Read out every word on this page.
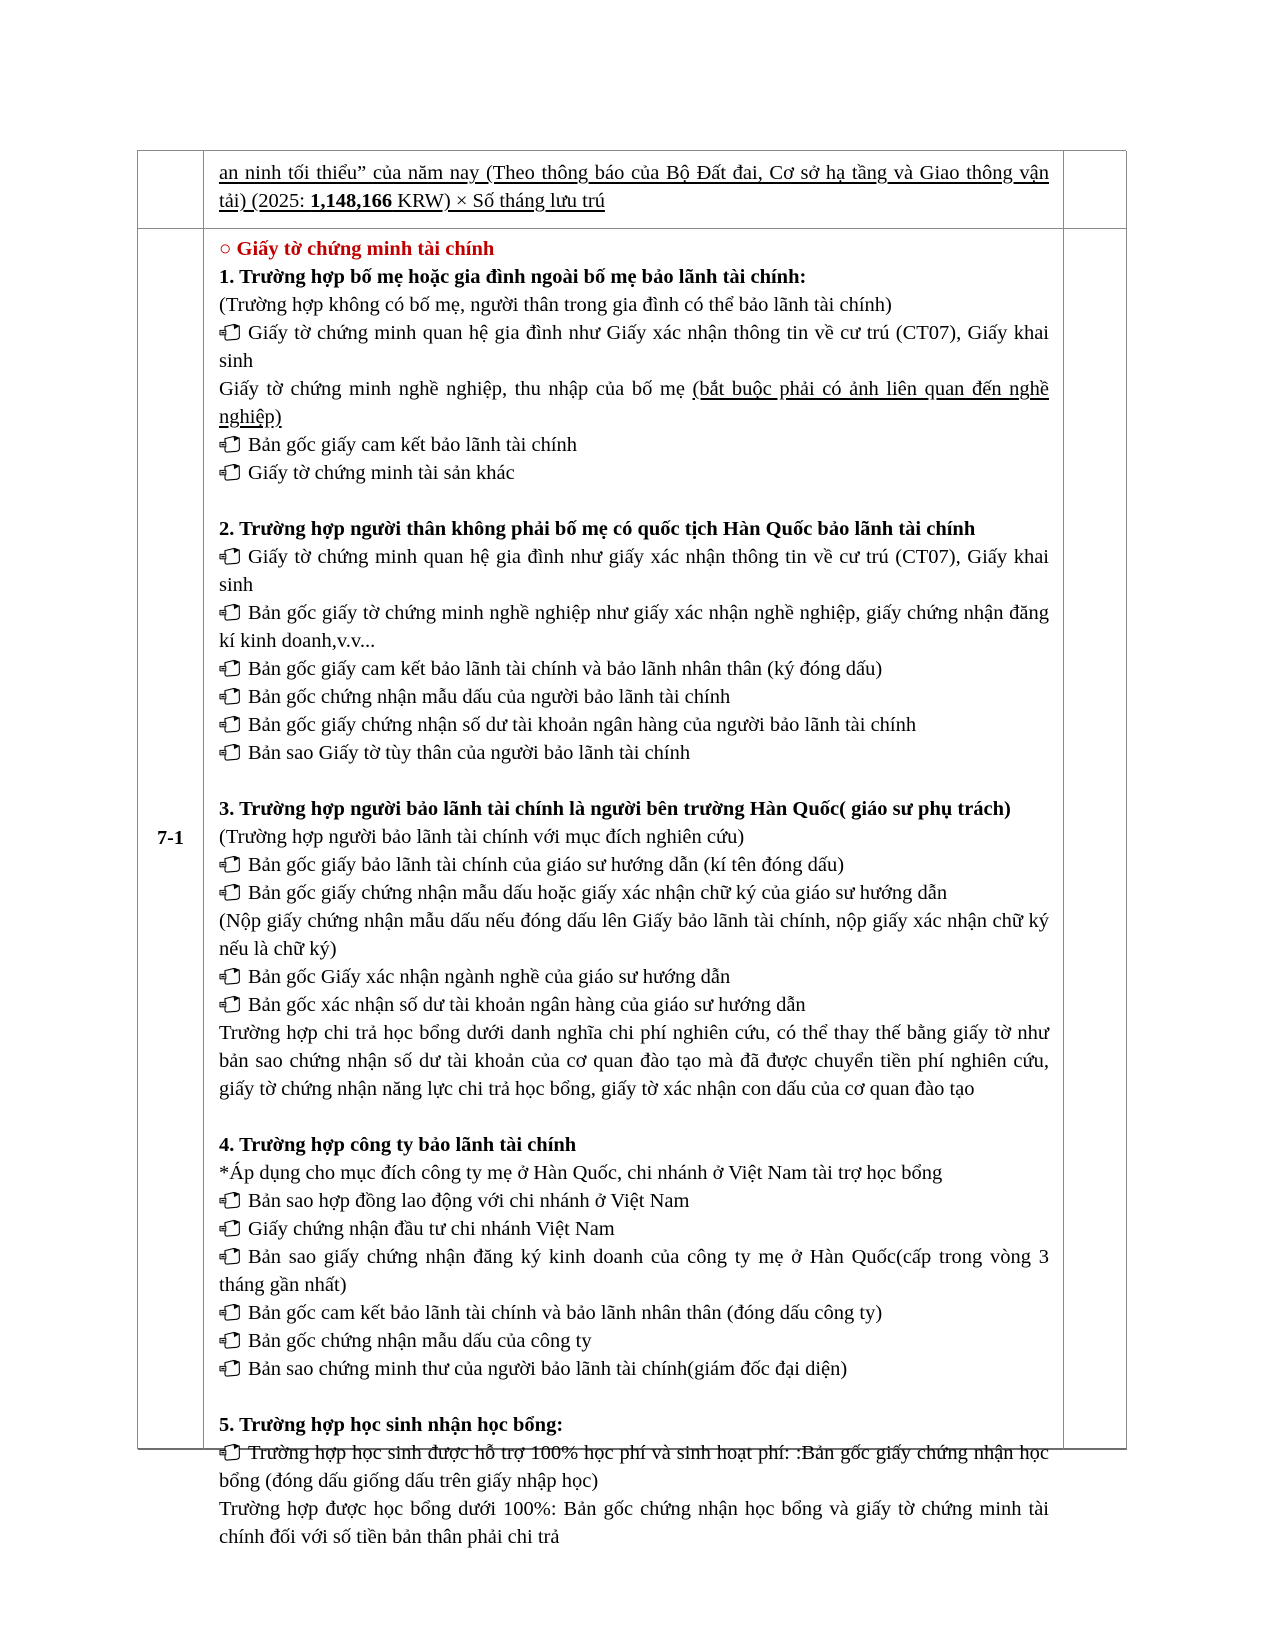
an ninh tối thiểu” của năm nay (Theo thông báo của Bộ Đất đai, Cơ sở hạ tầng và Giao thông vận tải) (2025: 1,148,166 KRW) × Số tháng lưu trú

7-1

○ Giấy tờ chứng minh tài chính

1. Trường hợp bố mẹ hoặc gia đình ngoài bố mẹ bảo lãnh tài chính:

(Trường hợp không có bố mẹ, người thân trong gia đình có thể bảo lãnh tài chính)

Giấy tờ chứng minh quan hệ gia đình như Giấy xác nhận thông tin về cư trú (CT07), Giấy khai sinh

Giấy tờ chứng minh nghề nghiệp, thu nhập của bố mẹ (bắt buộc phải có ảnh liên quan đến nghề nghiệp)

Bản gốc giấy cam kết bảo lãnh tài chính

Giấy tờ chứng minh tài sản khác

2. Trường hợp người thân không phải bố mẹ có quốc tịch Hàn Quốc bảo lãnh tài chính

Giấy tờ chứng minh quan hệ gia đình như giấy xác nhận thông tin về cư trú (CT07), Giấy khai sinh

Bản gốc giấy tờ chứng minh nghề nghiệp như giấy xác nhận nghề nghiệp, giấy chứng nhận đăng kí kinh doanh,v.v...

Bản gốc giấy cam kết bảo lãnh tài chính và bảo lãnh nhân thân (ký đóng dấu)

Bản gốc chứng nhận mẫu dấu của người bảo lãnh tài chính

Bản gốc giấy chứng nhận số dư tài khoản ngân hàng của người bảo lãnh tài chính

Bản sao Giấy tờ tùy thân của người bảo lãnh tài chính

3. Trường hợp người bảo lãnh tài chính là người bên trường Hàn Quốc( giáo sư phụ trách)

(Trường hợp người bảo lãnh tài chính với mục đích nghiên cứu)

Bản gốc giấy bảo lãnh tài chính của giáo sư hướng dẫn (kí tên đóng dấu)

Bản gốc giấy chứng nhận mẫu dấu hoặc giấy xác nhận chữ ký của giáo sư hướng dẫn

(Nộp giấy chứng nhận mẫu dấu nếu đóng dấu lên Giấy bảo lãnh tài chính, nộp giấy xác nhận chữ ký nếu là chữ ký)

Bản gốc Giấy xác nhận ngành nghề của giáo sư hướng dẫn

Bản gốc xác nhận số dư tài khoản ngân hàng của giáo sư hướng dẫn

Trường hợp chi trả học bổng dưới danh nghĩa chi phí nghiên cứu, có thể thay thế bằng giấy tờ như bản sao chứng nhận số dư tài khoản của cơ quan đào tạo mà đã được chuyển tiền phí nghiên cứu, giấy tờ chứng nhận năng lực chi trả học bổng, giấy tờ xác nhận con dấu của cơ quan đào tạo

4. Trường hợp công ty bảo lãnh tài chính

*Áp dụng cho mục đích công ty mẹ ở Hàn Quốc, chi nhánh ở Việt Nam tài trợ học bổng

Bản sao hợp đồng lao động với chi nhánh ở Việt Nam

Giấy chứng nhận đầu tư chi nhánh Việt Nam

Bản sao giấy chứng nhận đăng ký kinh doanh của công ty mẹ ở Hàn Quốc(cấp trong vòng 3 tháng gần nhất)

Bản gốc cam kết bảo lãnh tài chính và bảo lãnh nhân thân (đóng dấu công ty)

Bản gốc chứng nhận mẫu dấu của công ty

Bản sao chứng minh thư của người bảo lãnh tài chính(giám đốc đại diện)

5. Trường hợp học sinh nhận học bổng:

Trường hợp học sinh được hỗ trợ 100% học phí và sinh hoạt phí: :Bản gốc giấy chứng nhận học bổng (đóng dấu giống dấu trên giấy nhập học)

Trường hợp được học bổng dưới 100%: Bản gốc chứng nhận học bổng và giấy tờ chứng minh tài chính đối với số tiền bản thân phải chi trả
